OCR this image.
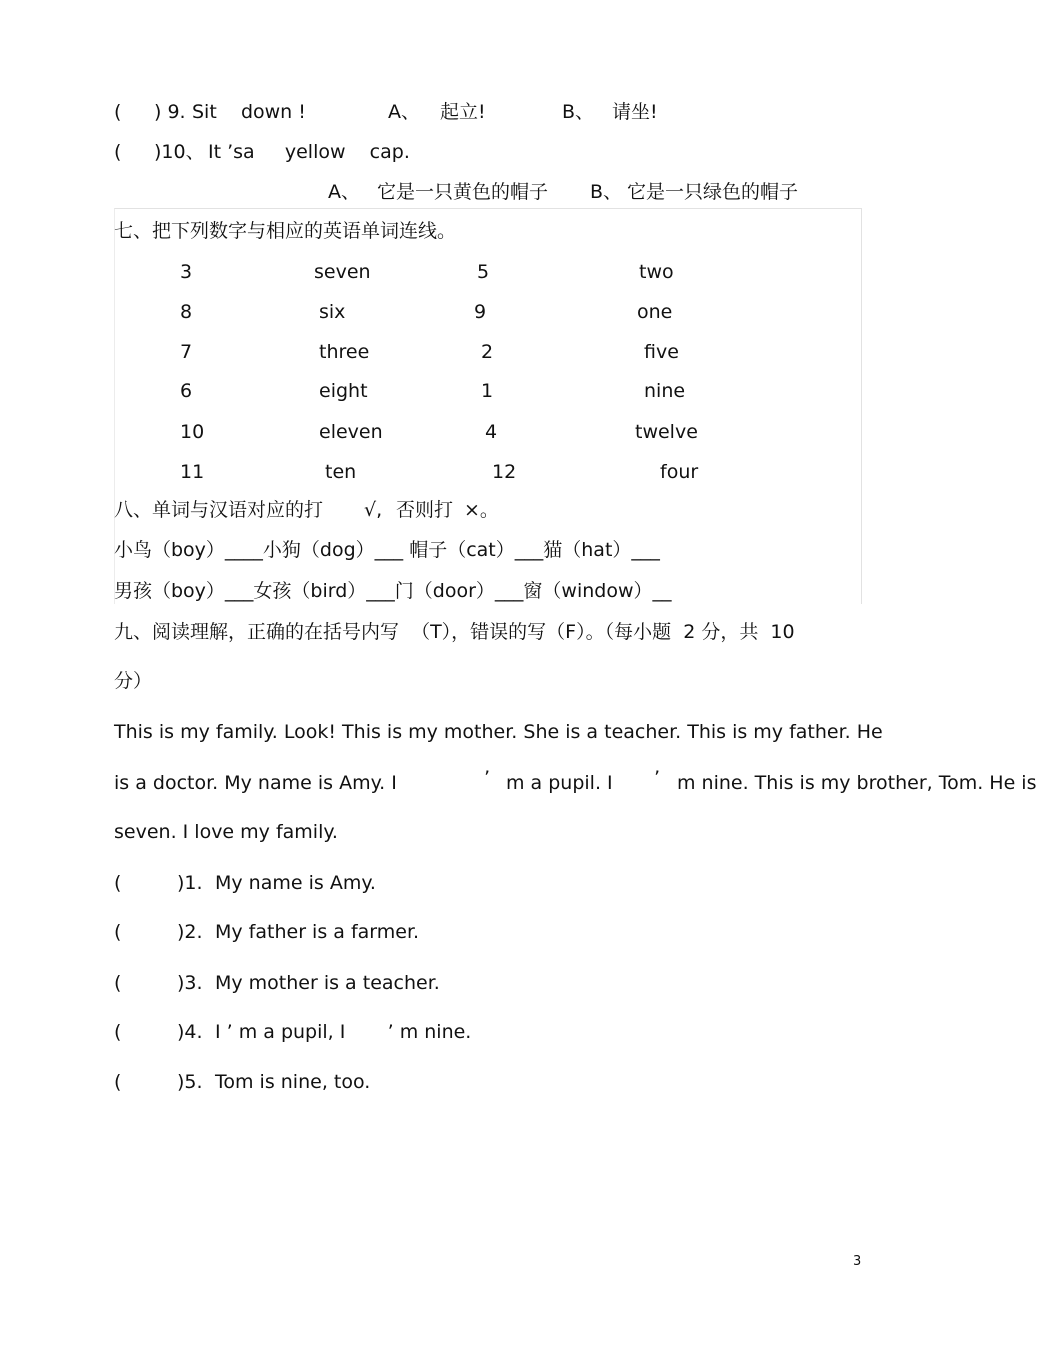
( ) 9. Sit    down !	A、 起立!	B、 请坐!
( )10、 It ’sa     yellow    cap.
A、 它是一只黄色的帽子 B、 它是一只绿色的帽子
七、把下列数字与相应的英语单词连线。
3	seven	5	two
8	six	9	one
7	three	2	five
6	eight	1	nine
10	eleven	4	twelve
11	ten	12	four
八、单词与汉语对应的打 √, 否则打 ×。
小鸟（boy）____小狗（dog）___ 帽子（cat）___猫（hat）___
男孩（boy）___女孩（bird）___门（door）___窗（window）__
九、阅读理解，正确的在括号内写  （T），错误的写（F）。（每小题  2 分，共  10
分）
This is my family. Look! This is my mother. She is a teacher. This is my father. He
is a doctor. My name is Amy. I	’ m a pupil. I ’ m nine. This is my brother, Tom. He is
seven. I love my family.
(	)1. My name is Amy.
(	)2. My father is a farmer.
(	)3. My mother is a teacher.
(	)4. I ’ m a pupil, I       ’ m nine.
(	)5. Tom is nine, too.
3
